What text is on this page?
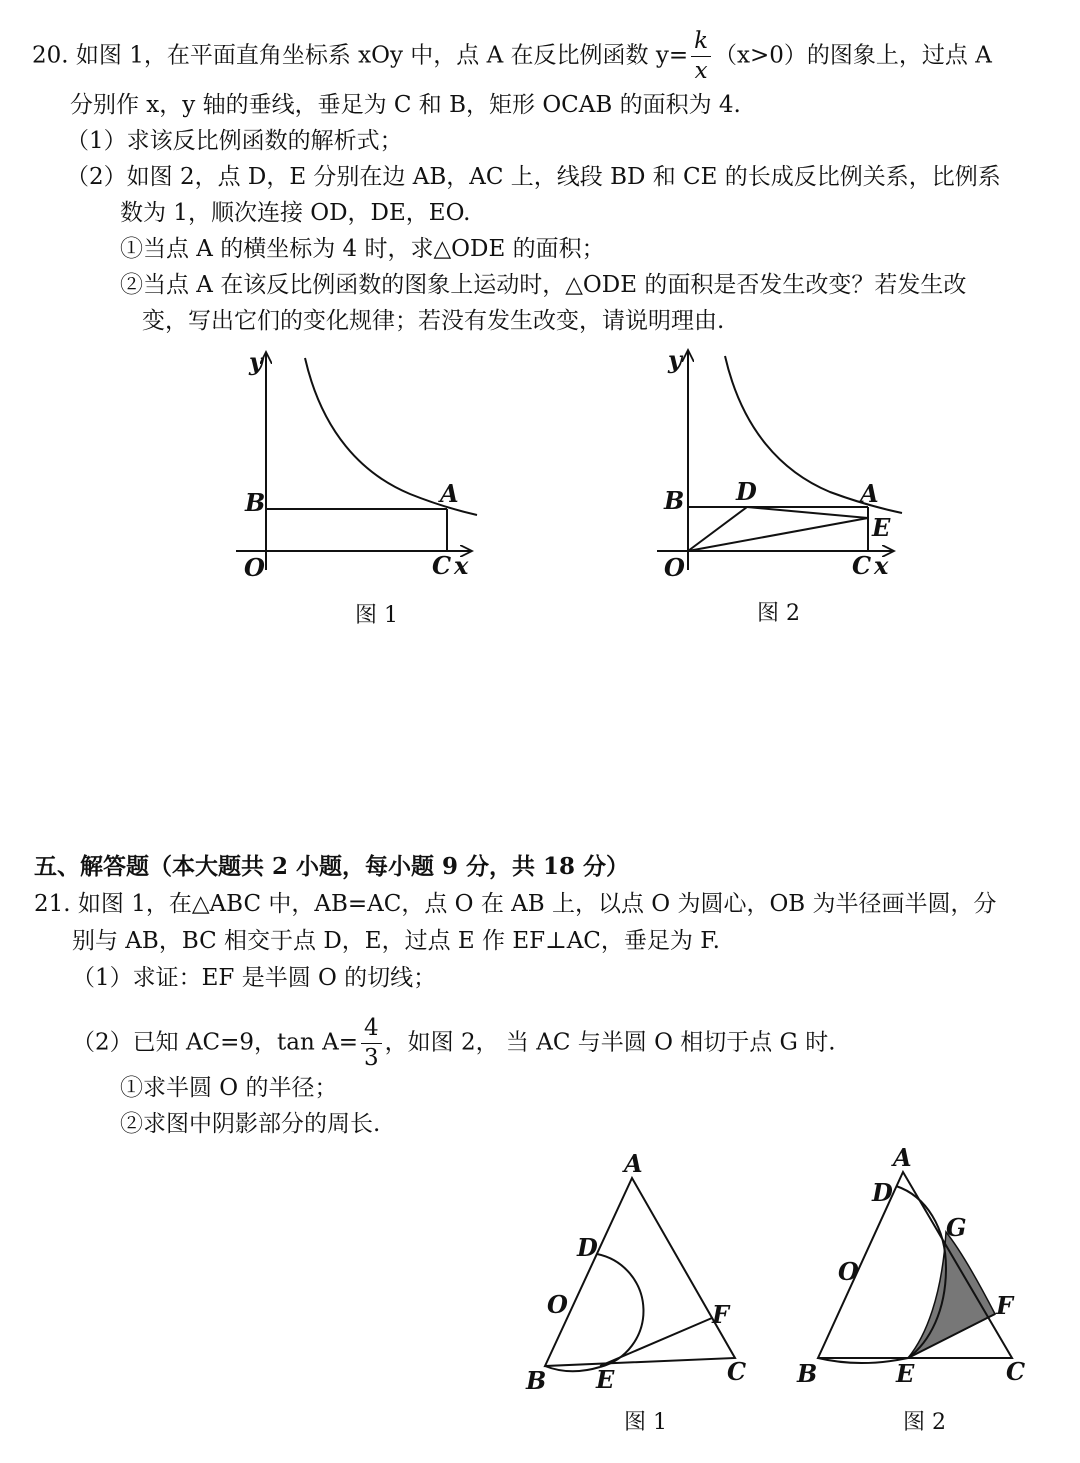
20. 如图 1，在平面直角坐标系 xOy 中，点 A 在反比例函数 $y= \frac{k}{x} (x>0)$的图象上，过点 A
分别作 x，y 轴的垂线，垂足为 C 和 B，矩形 OCAB 的面积为 4.
（1）求该反比例函数的解析式；
（2）如图 2，点 D，E 分别在边 AB，AC 上，线段 BD 和 CE 的长成反比例关系，比例系
数为 1，顺次连接 OD，DE，EO.
①当点 A 的横坐标为 4 时，求△ODE 的面积；
②当点 A 在该反比例函数的图象上运动时，△ODE 的面积是否发生改变？若发生改
变，写出它们的变化规律；若没有发生改变，请说明理由.
五、解答题（本大题共 2 小题，每小题 9 分，共 18 分）
21. 如图 1，在△ABC 中，AB=AC，点 O 在 AB 上，以点 O 为圆心，OB 为半径画半圆，分
别与 AB，BC 相交于点 D，E，过点 E 作 EF⊥AC，垂足为 F.
（1）求证：EF 是半圆 O 的切线；
（2）已知 AC=9，$\tan A= \frac{4}{3}$ ，如图 2， 当 AC 与半圆 O 相切于点 G 时.
①求半圆 O 的半径；
②求图中阴影部分的周长.
图 1	图 2
图 1	图 2
y
B	A
O	C x
y
B D	A
E
O	C x
A
D
O	F
B E	C
A
D
G
O
F
B	E	C
